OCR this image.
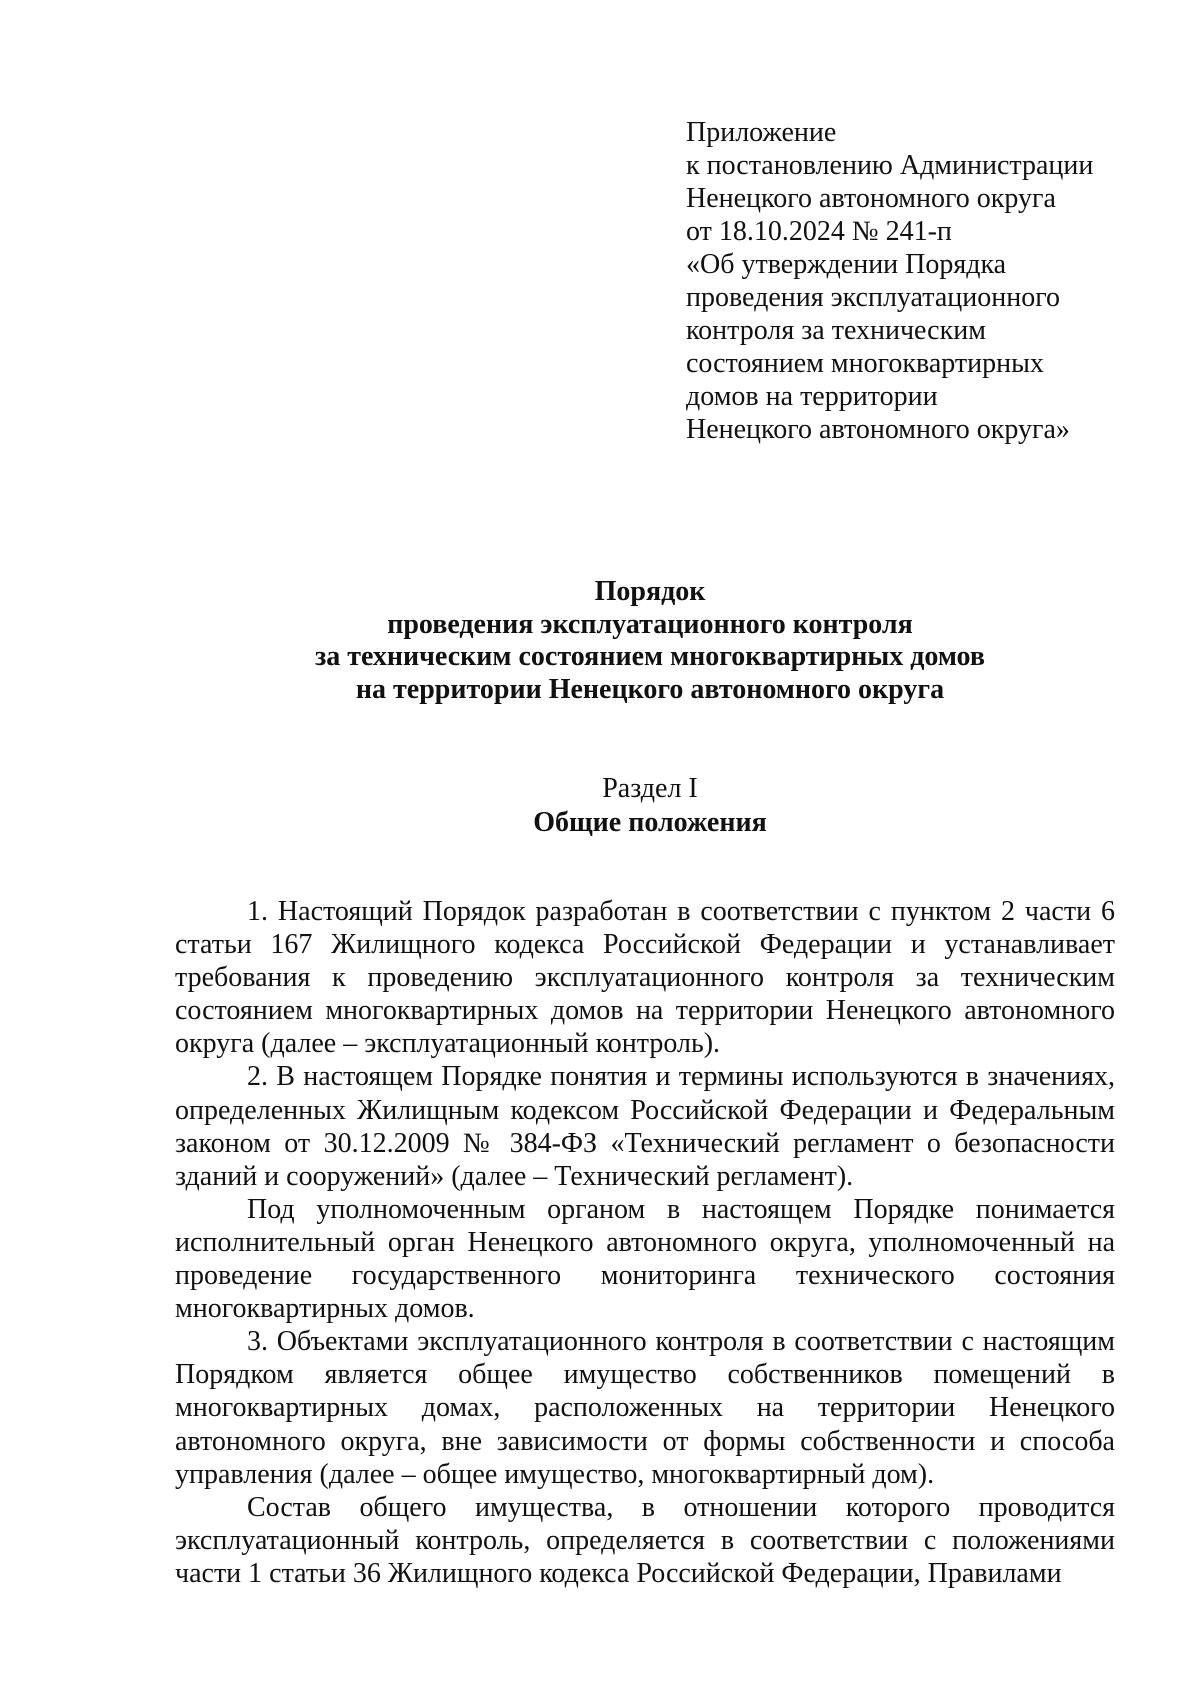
Приложение
к постановлению Администрации
Ненецкого автономного округа
от 18.10.2024 № 241-п
«Об утверждении Порядка
проведения эксплуатационного
контроля за техническим
состоянием многоквартирных
домов на территории
Ненецкого автономного округа»
Порядок
проведения эксплуатационного контроля
за техническим состоянием многоквартирных домов
на территории Ненецкого автономного округа
Раздел I
Общие положения

1. Настоящий Порядок разработан в соответствии с пунктом 2 части 6 статьи 167 Жилищного кодекса Российской Федерации и устанавливает требования к проведению эксплуатационного контроля за техническим состоянием многоквартирных домов на территории Ненецкого автономного округа (далее – эксплуатационный контроль).

2. В настоящем Порядке понятия и термины используются в значениях, определенных Жилищным кодексом Российской Федерации и Федеральным законом от 30.12.2009 № 384-ФЗ «Технический регламент о безопасности зданий и сооружений» (далее – Технический регламент).

Под уполномоченным органом в настоящем Порядке понимается исполнительный орган Ненецкого автономного округа, уполномоченный на проведение государственного мониторинга технического состояния многоквартирных домов.

3. Объектами эксплуатационного контроля в соответствии с настоящим Порядком является общее имущество собственников помещений в многоквартирных домах, расположенных на территории Ненецкого автономного округа, вне зависимости от формы собственности и способа управления (далее – общее имущество, многоквартирный дом).

Состав общего имущества, в отношении которого проводится эксплуатационный контроль, определяется в соответствии с положениями части 1 статьи 36 Жилищного кодекса Российской Федерации, Правилами
